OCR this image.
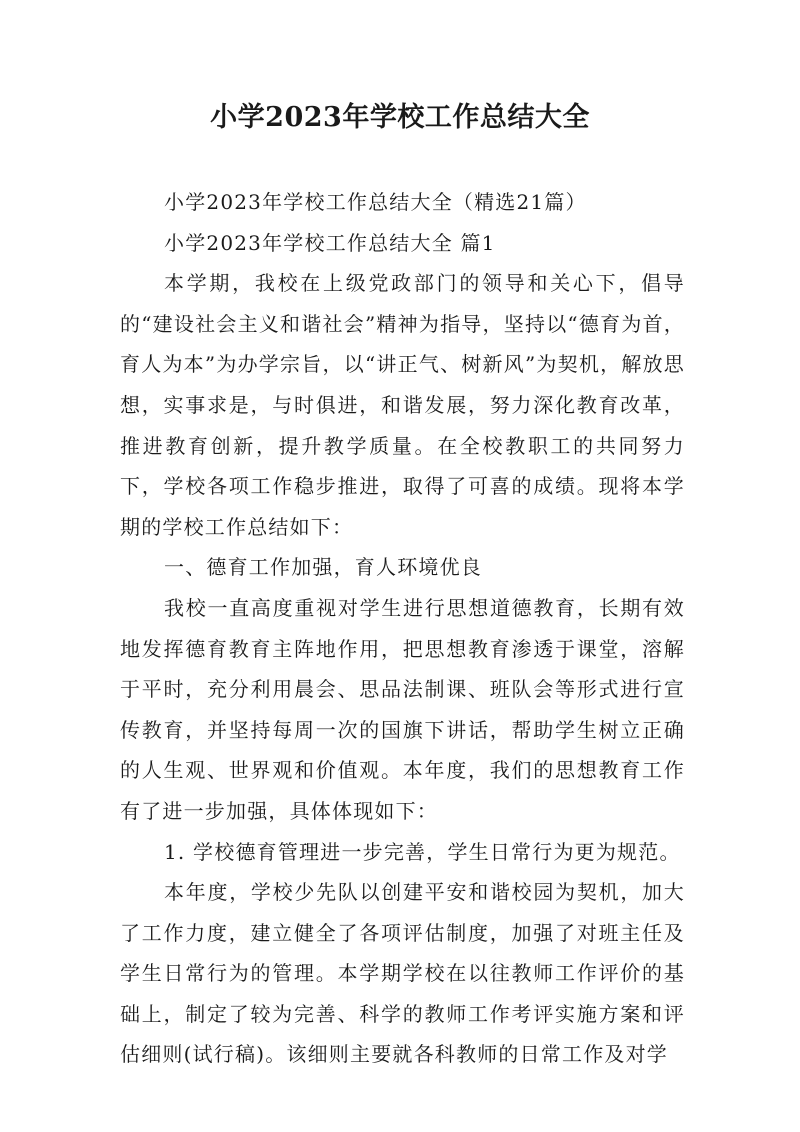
小学2023年学校工作总结大全

小学2023年学校工作总结大全（精选21篇）

小学2023年学校工作总结大全 篇1

本学期，我校在上级党政部门的领导和关心下，倡导的“建设社会主义和谐社会”精神为指导，坚持以“德育为首，育人为本”为办学宗旨，以“讲正气、树新风”为契机，解放思想，实事求是，与时俱进，和谐发展，努力深化教育改革，推进教育创新，提升教学质量。在全校教职工的共同努力下，学校各项工作稳步推进，取得了可喜的成绩。现将本学期的学校工作总结如下：

一、德育工作加强，育人环境优良

我校一直高度重视对学生进行思想道德教育，长期有效地发挥德育教育主阵地作用，把思想教育渗透于课堂，溶解于平时，充分利用晨会、思品法制课、班队会等形式进行宣传教育，并坚持每周一次的国旗下讲话，帮助学生树立正确的人生观、世界观和价值观。本年度，我们的思想教育工作有了进一步加强，具体体现如下：

1. 学校德育管理进一步完善，学生日常行为更为规范。

本年度，学校少先队以创建平安和谐校园为契机，加大了工作力度，建立健全了各项评估制度，加强了对班主任及学生日常行为的管理。本学期学校在以往教师工作评价的基础上，制定了较为完善、科学的教师工作考评实施方案和评估细则(试行稿)。该细则主要就各科教师的日常工作及对学
